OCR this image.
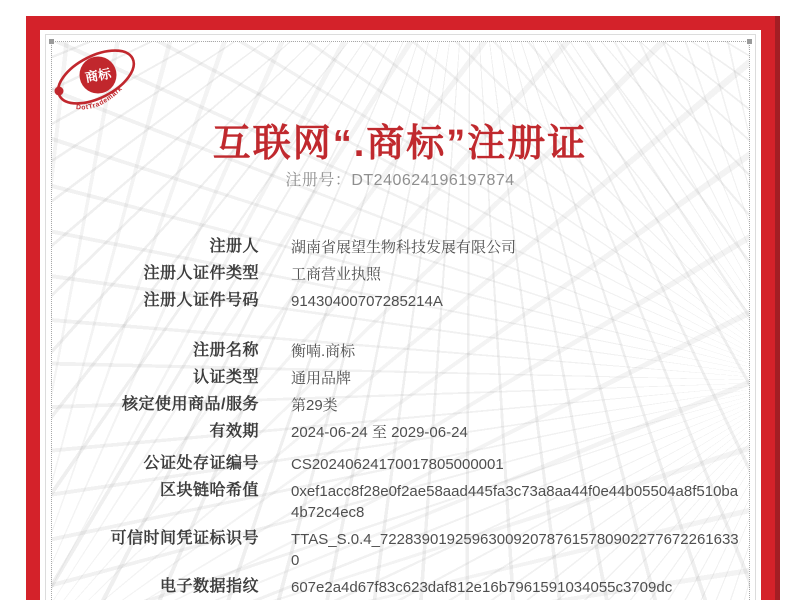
商标
DotTrademark
互联网“.商标”注册证
注册号：DT240624196197874
注册人 湖南省展望生物科技发展有限公司
注册人证件类型 工商营业执照
注册人证件号码 91430400707285214A
注册名称 衡喃.商标
认证类型 通用品牌
核定使用商品/服务 第29类
有效期 2024-06-24 至 2029-06-24
公证处存证编号 CS20240624170017805000001
区块链哈希值 0xef1acc8f28e0f2ae58aad445fa3c73a8aa44f0e44b05504a8f510ba4b72c4ec8
可信时间凭证标识号 TTAS_S.0.4_72283901925963009207876157809022776722616330
电子数据指纹 607e2a4d67f83c623daf812e16b7961591034055c3709dc
